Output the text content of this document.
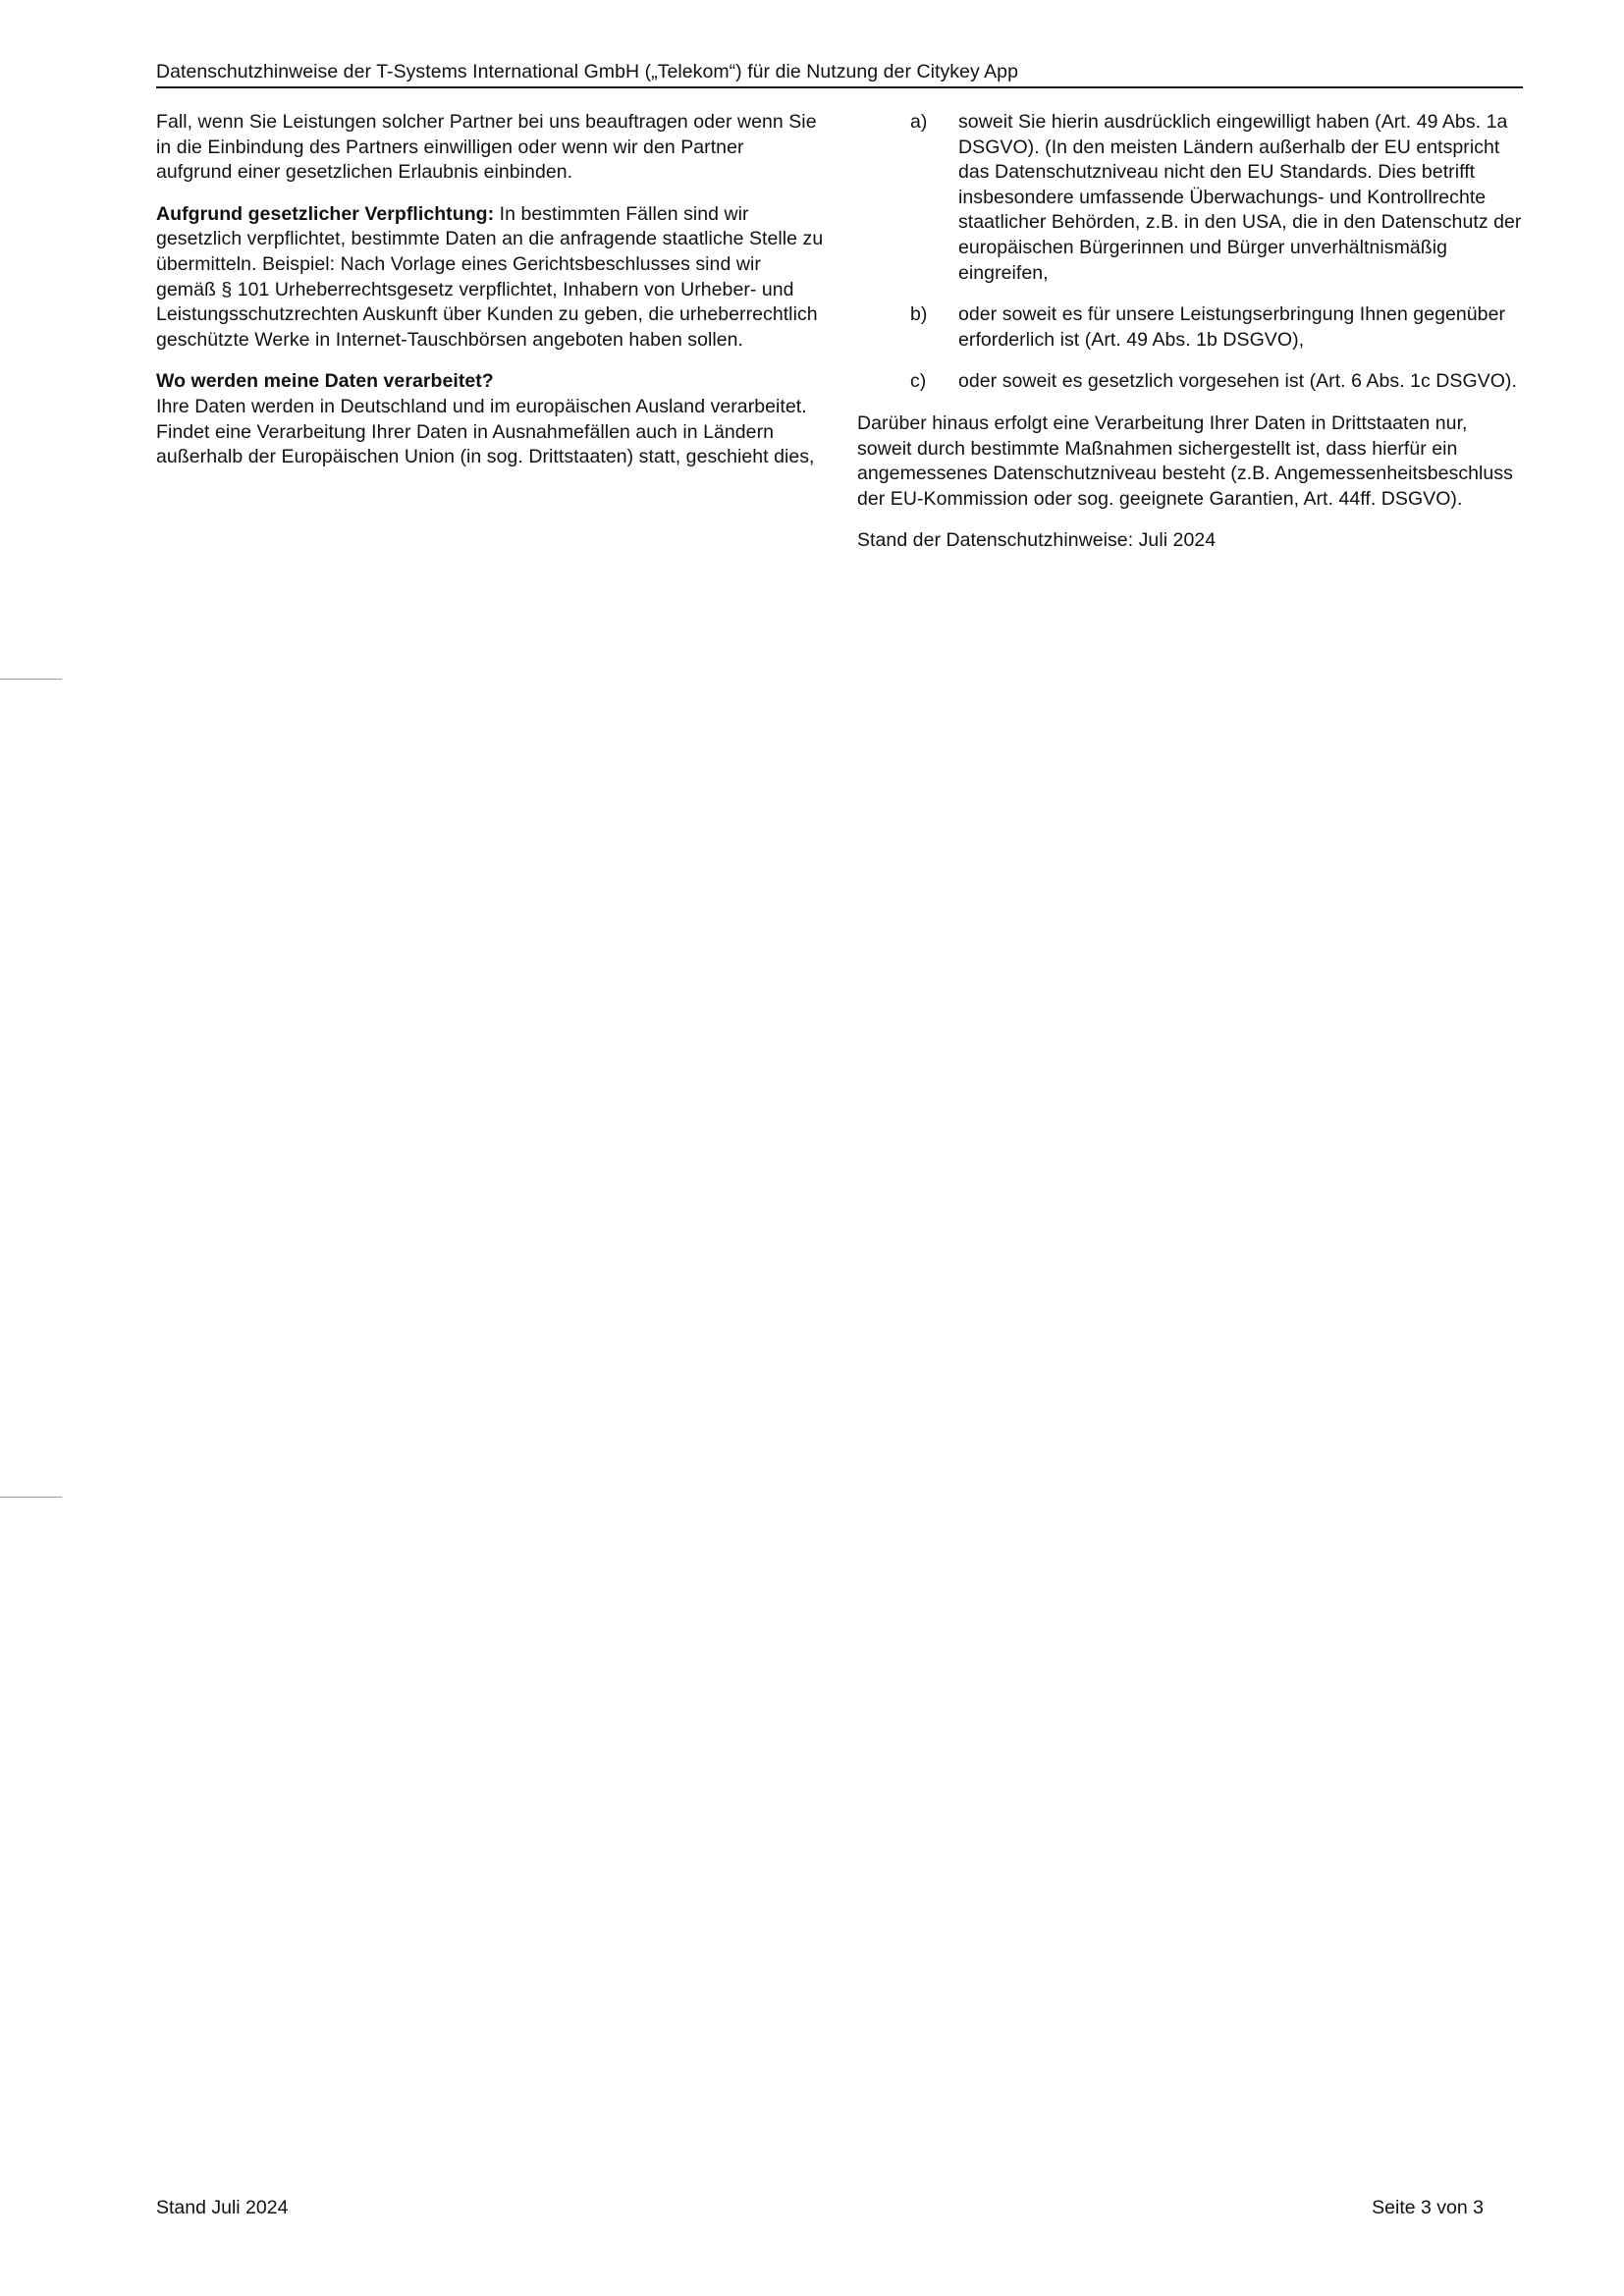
Datenschutzhinweise der T-Systems International GmbH („Telekom“) für die Nutzung der Citykey App

Fall, wenn Sie Leistungen solcher Partner bei uns beauftragen oder wenn Sie in die Einbindung des Partners einwilligen oder wenn wir den Partner aufgrund einer gesetzlichen Erlaubnis einbinden.

Aufgrund gesetzlicher Verpflichtung: In bestimmten Fällen sind wir gesetzlich verpflichtet, bestimmte Daten an die anfragende staatliche Stelle zu übermitteln. Beispiel: Nach Vorlage eines Gerichtsbeschlusses sind wir gemäß § 101 Urheberrechtsgesetz verpflichtet, Inhabern von Urheber- und Leistungsschutzrechten Auskunft über Kunden zu geben, die urheberrechtlich geschützte Werke in Internet-Tauschbörsen angeboten haben sollen.

Wo werden meine Daten verarbeitet?
Ihre Daten werden in Deutschland und im europäischen Ausland verarbeitet. Findet eine Verarbeitung Ihrer Daten in Ausnahmefällen auch in Ländern außerhalb der Europäischen Union (in sog. Drittstaaten) statt, geschieht dies,

a) soweit Sie hierin ausdrücklich eingewilligt haben (Art. 49 Abs. 1a DSGVO). (In den meisten Ländern außerhalb der EU entspricht das Datenschutzniveau nicht den EU Standards. Dies betrifft insbesondere umfassende Überwachungs- und Kontrollrechte staatlicher Behörden, z.B. in den USA, die in den Datenschutz der europäischen Bürgerinnen und Bürger unverhältnismäßig eingreifen,
b) oder soweit es für unsere Leistungserbringung Ihnen gegenüber erforderlich ist (Art. 49 Abs. 1b DSGVO),
c) oder soweit es gesetzlich vorgesehen ist (Art. 6 Abs. 1c DSGVO).

Darüber hinaus erfolgt eine Verarbeitung Ihrer Daten in Drittstaaten nur, soweit durch bestimmte Maßnahmen sichergestellt ist, dass hierfür ein angemessenes Datenschutzniveau besteht (z.B. Angemessenheitsbeschluss der EU-Kommission oder sog. geeignete Garantien, Art. 44ff. DSGVO).

Stand der Datenschutzhinweise: Juli 2024

Stand Juli 2024	Seite 3 von 3
